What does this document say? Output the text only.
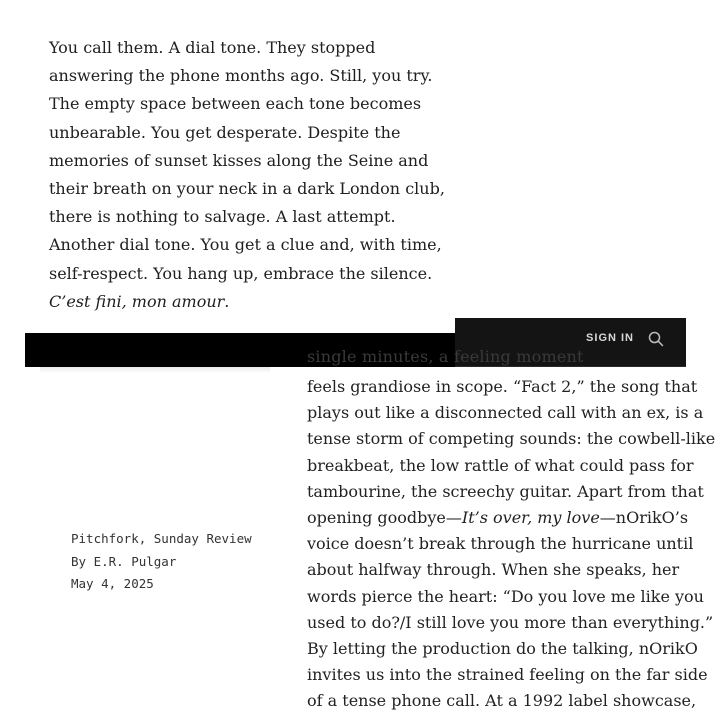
You call them. A dial tone. They stopped
answering the phone months ago. Still, you try.
The empty space between each tone becomes
unbearable. You get desperate. Despite the
memories of sunset kisses along the Seine and
their breath on your neck in a dark London club,
there is nothing to salvage. A last attempt.
Another dial tone. You get a clue and, with time,
self-respect. You hang up, embrace the silence.
C’est fini, mon amour.

SIGN IN
single minutes, a feeling moment
Pitchfork, Sunday Review
By E.R. Pulgar
May 4, 2025
feels grandiose in scope. “Fact 2,” the song that
plays out like a disconnected call with an ex, is a
tense storm of competing sounds: the cowbell-like
breakbeat, the low rattle of what could pass for
tambourine, the screechy guitar. Apart from that
opening goodbye—It’s over, my love—nOrikO’s
voice doesn’t break through the hurricane until
about halfway through. When she speaks, her
words pierce the heart: “Do you love me like you
used to do?/I still love you more than everything.”
By letting the production do the talking, nOrikO
invites us into the strained feeling on the far side
of a tense phone call. At a 1992 label showcase,
